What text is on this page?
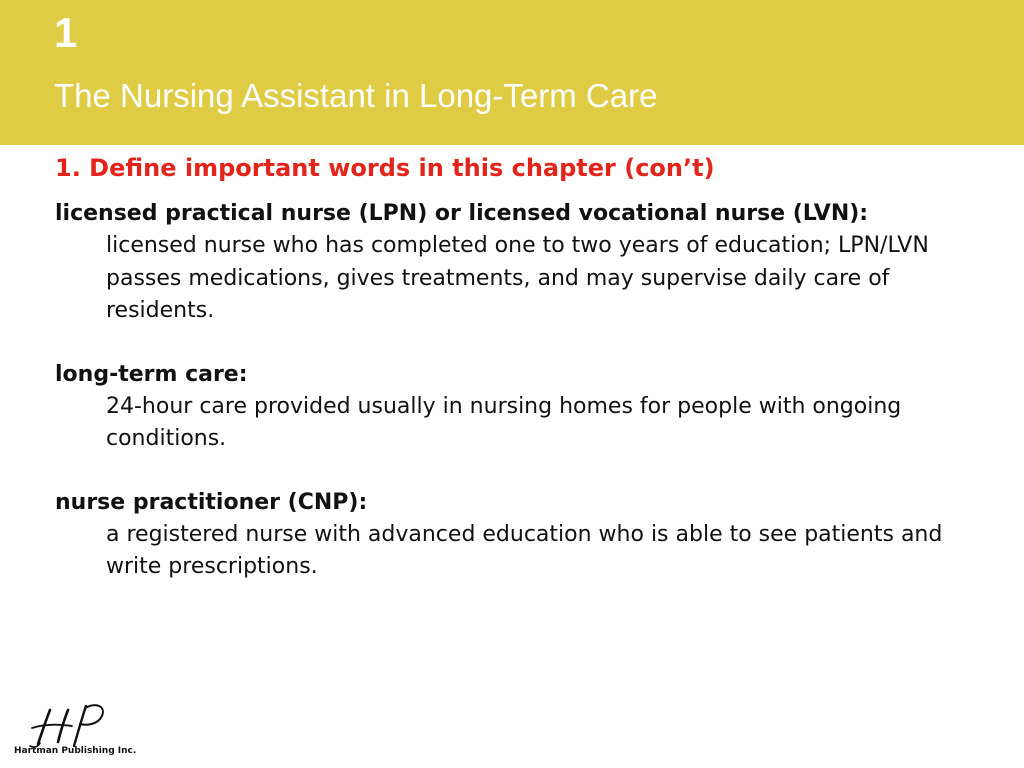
1
The Nursing Assistant in Long-Term Care
1. Define important words in this chapter (con’t)

licensed practical nurse (LPN) or licensed vocational nurse (LVN):

licensed nurse who has completed one to two years of education; LPN/LVN passes medications, gives treatments, and may supervise daily care of residents.

long-term care:

24-hour care provided usually in nursing homes for people with ongoing conditions.

nurse practitioner (CNP):

a registered nurse with advanced education who is able to see patients and write prescriptions.

Hartman Publishing Inc.
